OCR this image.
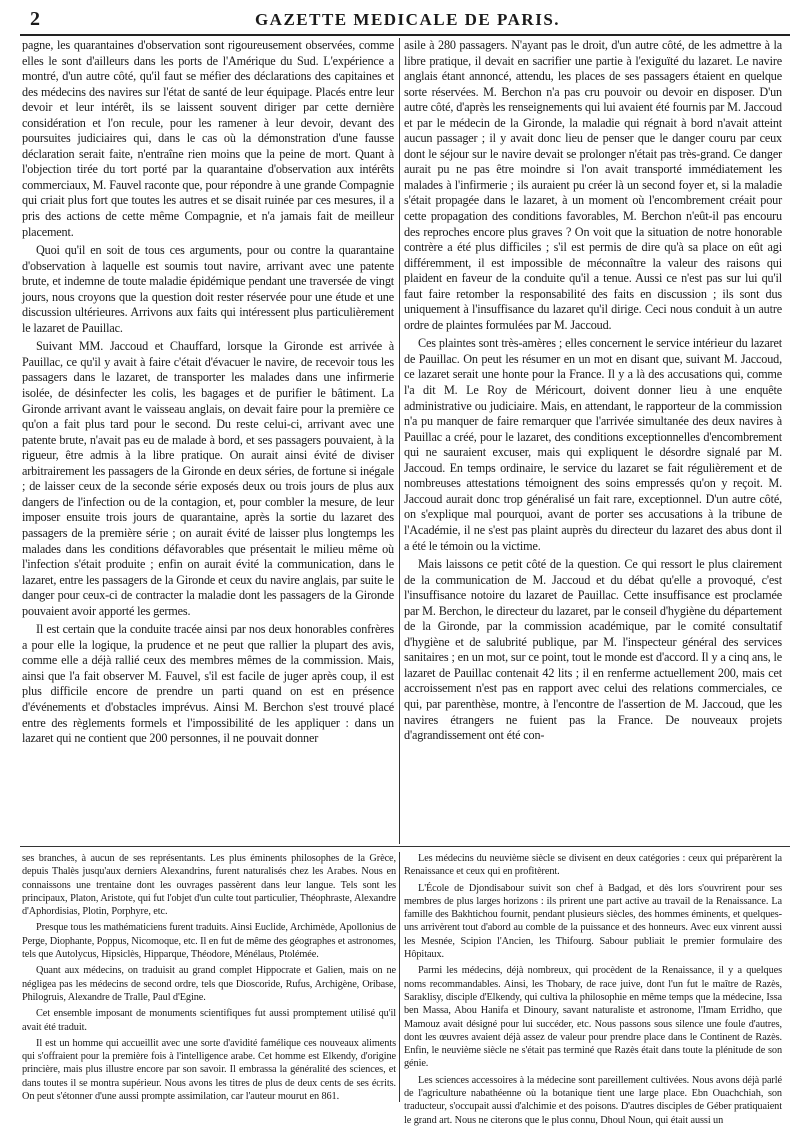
2	GAZETTE MEDICALE DE PARIS.

pagne, les quarantaines d'observation sont rigoureusement observées, comme elles le sont d'ailleurs dans les ports de l'Amérique du Sud. L'expérience a montré, d'un autre côté, qu'il faut se méfier des déclarations des capitaines et des médecins des navires sur l'état de santé de leur équipage. Placés entre leur devoir et leur intérêt, ils se laissent souvent diriger par cette dernière considération et l'on recule, pour les ramener à leur devoir, devant des poursuites judiciaires qui, dans le cas où la démonstration d'une fausse déclaration serait faite, n'entraîne rien moins que la peine de mort. Quant à l'objection tirée du tort porté par la quarantaine d'observation aux intérêts commerciaux, M. Fauvel raconte que, pour répondre à une grande Compagnie qui criait plus fort que toutes les autres et se disait ruinée par ces mesures, il a pris des actions de cette même Compagnie, et n'a jamais fait de meilleur placement.

Quoi qu'il en soit de tous ces arguments, pour ou contre la quarantaine d'observation à laquelle est soumis tout navire, arrivant avec une patente brute, et indemne de toute maladie épidémique pendant une traversée de vingt jours, nous croyons que la question doit rester réservée pour une étude et une discussion ultérieures. Arrivons aux faits qui intéressent plus particulièrement le lazaret de Pauillac.

Suivant MM. Jaccoud et Chauffard, lorsque la Gironde est arrivée à Pauillac, ce qu'il y avait à faire c'était d'évacuer le navire, de recevoir tous les passagers dans le lazaret, de transporter les malades dans une infirmerie isolée, de désinfecter les colis, les bagages et de purifier le bâtiment. La Gironde arrivant avant le vaisseau anglais, on devait faire pour la première ce qu'on a fait plus tard pour le second. Du reste celui-ci, arrivant avec une patente brute, n'avait pas eu de malade à bord, et ses passagers pouvaient, à la rigueur, être admis à la libre pratique. On aurait ainsi évité de diviser arbitrairement les passagers de la Gironde en deux séries, de fortune si inégale ; de laisser ceux de la seconde série exposés deux ou trois jours de plus aux dangers de l'infection ou de la contagion, et, pour combler la mesure, de leur imposer ensuite trois jours de quarantaine, après la sortie du lazaret des passagers de la première série ; on aurait évité de laisser plus longtemps les malades dans les conditions défavorables que présentait le milieu même où l'infection s'était produite ; enfin on aurait évité la communication, dans le lazaret, entre les passagers de la Gironde et ceux du navire anglais, par suite le danger pour ceux-ci de contracter la maladie dont les passagers de la Gironde pouvaient avoir apporté les germes.

Il est certain que la conduite tracée ainsi par nos deux honorables confrères a pour elle la logique, la prudence et ne peut que rallier la plupart des avis, comme elle a déjà rallié ceux des membres mêmes de la commission. Mais, ainsi que l'a fait observer M. Fauvel, s'il est facile de juger après coup, il est plus difficile encore de prendre un parti quand on est en présence d'événements et d'obstacles imprévus. Ainsi M. Berchon s'est trouvé placé entre des règlements formels et l'impossibilité de les appliquer : dans un lazaret qui ne contient que 200 personnes, il ne pouvait donner

asile à 280 passagers. N'ayant pas le droit, d'un autre côté, de les admettre à la libre pratique, il devait en sacrifier une partie à l'exiguïté du lazaret. Le navire anglais étant annoncé, attendu, les places de ses passagers étaient en quelque sorte réservées. M. Berchon n'a pas cru pouvoir ou devoir en disposer. D'un autre côté, d'après les renseignements qui lui avaient été fournis par M. Jaccoud et par le médecin de la Gironde, la maladie qui régnait à bord n'avait atteint aucun passager ; il y avait donc lieu de penser que le danger couru par ceux dont le séjour sur le navire devait se prolonger n'était pas très-grand. Ce danger aurait pu ne pas être moindre si l'on avait transporté immédiatement les malades à l'infirmerie ; ils auraient pu créer là un second foyer et, si la maladie s'était propagée dans le lazaret, à un moment où l'encombrement créait pour cette propagation des conditions favorables, M. Berchon n'eût-il pas encouru des reproches encore plus graves ? On voit que la situation de notre honorable contrère a été plus difficiles ; s'il est permis de dire qu'à sa place on eût agi différemment, il est impossible de méconnaître la valeur des raisons qui plaident en faveur de la conduite qu'il a tenue. Aussi ce n'est pas sur lui qu'il faut faire retomber la responsabilité des faits en discussion ; ils sont dus uniquement à l'insuffisance du lazaret qu'il dirige. Ceci nous conduit à un autre ordre de plaintes formulées par M. Jaccoud.

Ces plaintes sont très-amères ; elles concernent le service intérieur du lazaret de Pauillac. On peut les résumer en un mot en disant que, suivant M. Jaccoud, ce lazaret serait une honte pour la France. Il y a là des accusations qui, comme l'a dit M. Le Roy de Méricourt, doivent donner lieu à une enquête administrative ou judiciaire. Mais, en attendant, le rapporteur de la commission n'a pu manquer de faire remarquer que l'arrivée simultanée des deux navires à Pauillac a créé, pour le lazaret, des conditions exceptionnelles d'encombrement qui ne sauraient excuser, mais qui expliquent le désordre signalé par M. Jaccoud. En temps ordinaire, le service du lazaret se fait régulièrement et de nombreuses attestations témoignent des soins empressés qu'on y reçoit. M. Jaccoud aurait donc trop généralisé un fait rare, exceptionnel. D'un autre côté, on s'explique mal pourquoi, avant de porter ses accusations à la tribune de l'Académie, il ne s'est pas plaint auprès du directeur du lazaret des abus dont il a été le témoin ou la victime.

Mais laissons ce petit côté de la question. Ce qui ressort le plus clairement de la communication de M. Jaccoud et du débat qu'elle a provoqué, c'est l'insuffisance notoire du lazaret de Pauillac. Cette insuffisance est proclamée par M. Berchon, le directeur du lazaret, par le conseil d'hygiène du département de la Gironde, par la commission académique, par le comité consultatif d'hygiène et de salubrité publique, par M. l'inspecteur général des services sanitaires ; en un mot, sur ce point, tout le monde est d'accord. Il y a cinq ans, le lazaret de Pauillac contenait 42 lits ; il en renferme actuellement 200, mais cet accroissement n'est pas en rapport avec celui des relations commerciales, ce qui, par parenthèse, montre, à l'encontre de l'assertion de M. Jaccoud, que les navires étrangers ne fuient pas la France. De nouveaux projets d'agrandissement ont été con-

ses branches, à aucun de ses représentants. Les plus éminents philosophes de la Grèce, depuis Thalès jusqu'aux derniers Alexandrins, furent naturalisés chez les Arabes. Nous en connaissons une trentaine dont les ouvrages passèrent dans leur langue. Tels sont les principaux, Platon, Aristote, qui fut l'objet d'un culte tout particulier, Théophraste, Alexandre d'Aphordisias, Plotin, Porphyre, etc.

Presque tous les mathématiciens furent traduits. Ainsi Euclide, Archimède, Apollonius de Perge, Diophante, Poppus, Nicomoque, etc. Il en fut de même des géographes et astronomes, tels que Autolycus, Hipsiclès, Hipparque, Théodore, Ménélaus, Ptolémée.

Quant aux médecins, on traduisit au grand complet Hippocrate et Galien, mais on ne négligea pas les médecins de second ordre, tels que Dioscoride, Rufus, Archigène, Oribase, Philogruis, Alexandre de Tralle, Paul d'Egine.

Cet ensemble imposant de monuments scientifiques fut aussi promptement utilisé qu'il avait été traduit.

Il est un homme qui accueillit avec une sorte d'avidité famélique ces nouveaux aliments qui s'offraient pour la première fois à l'intelligence arabe. Cet homme est Elkendy, d'origine princière, mais plus illustre encore par son savoir. Il embrassa la généralité des sciences, et dans toutes il se montra supérieur. Nous avons les titres de plus de deux cents de ses écrits. On peut s'étonner d'une aussi prompte assimilation, car l'auteur mourut en 861.

Les médecins du neuvième siècle se divisent en deux catégories : ceux qui préparèrent la Renaissance et ceux qui en profitèrent.

L'École de Djondisabour suivit son chef à Badgad, et dès lors s'ouvrirent pour ses membres de plus larges horizons : ils prirent une part active au travail de la Renaissance. La famille des Bakhtichou fournit, pendant plusieurs siècles, des hommes éminents, et quelques-uns arrivèrent tout d'abord au comble de la puissance et des honneurs. Avec eux vinrent aussi les Mesnée, Scipion l'Ancien, les Thifourg. Sabour publiait le premier formulaire des Hôpitaux.

Parmi les médecins, déjà nombreux, qui procèdent de la Renaissance, il y a quelques noms recommandables. Ainsi, les Thobary, de race juive, dont l'un fut le maître de Razès, Saraklisy, disciple d'Elkendy, qui cultiva la philosophie en même temps que la médecine, Issa ben Massa, Abou Hanifa et Dinoury, savant naturaliste et astronome, l'Imam Erridho, que Mamouz avait désigné pour lui succéder, etc. Nous passons sous silence une foule d'autres, dont les œuvres avaient déjà assez de valeur pour prendre place dans le Continent de Razès. Enfin, le neuvième siècle ne s'était pas terminé que Razès était dans toute la plénitude de son génie.

Les sciences accessoires à la médecine sont pareillement cultivées. Nous avons déjà parlé de l'agriculture nabathéenne où la botanique tient une large place. Ebn Ouachchiah, son traducteur, s'occupait aussi d'alchimie et des poisons. D'autres disciples de Géber pratiquaient le grand art. Nous ne citerons que le plus connu, Dhoul Noun, qui était aussi un
